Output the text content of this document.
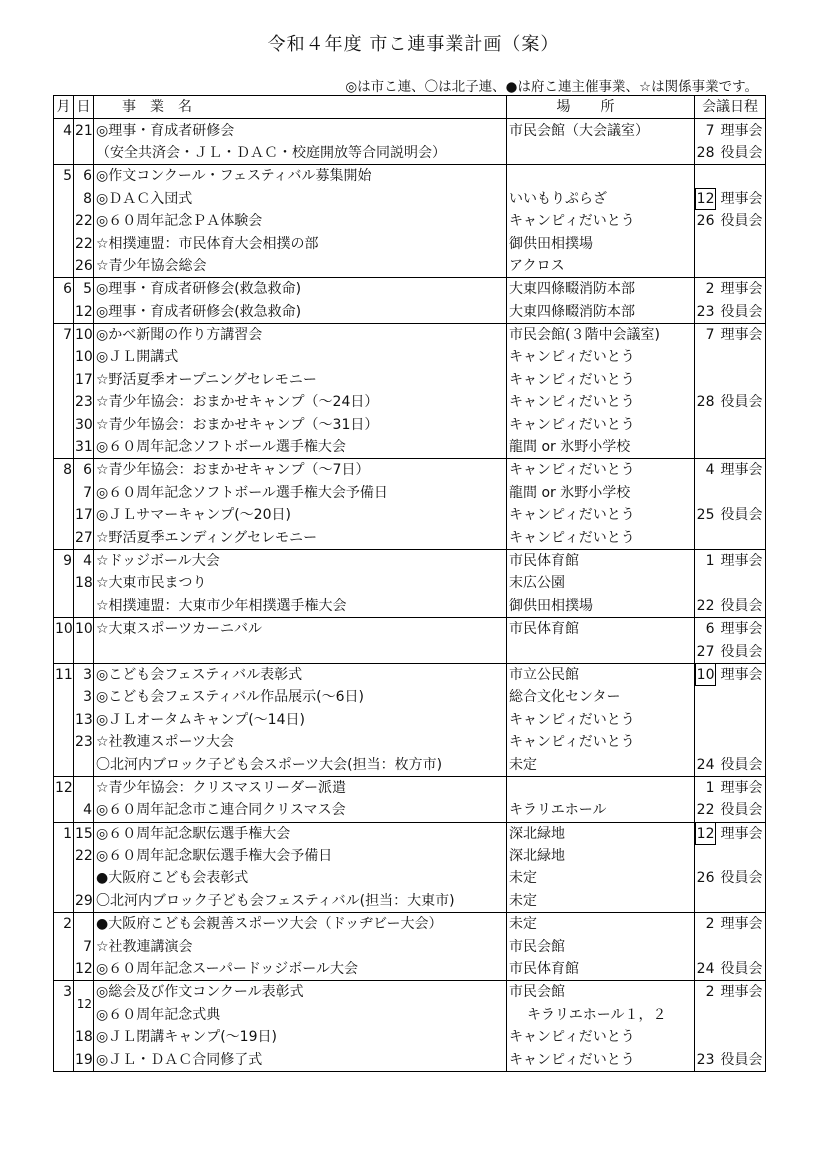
令和４年度 市こ連事業計画（案）
◎は市こ連、〇は北子連、●は府こ連主催事業、☆は関係事業です。
月	日	事業名	場所	会議日程	
4	21	◎理事・育成者研修会	市民会館（大会議室）	7	理事会
		（安全共済会・ＪＬ・ＤＡＣ・校庭開放等合同説明会）		28	役員会
5	6	◎作文コンクール・フェスティバル募集開始			
	8	◎ＤＡＣ入団式	いいもりぷらざ	12	理事会
	22	◎６０周年記念ＰＡ体験会	キャンピィだいとう	26	役員会
	22	☆相撲連盟：市民体育大会相撲の部	御供田相撲場		
	26	☆青少年協会総会	アクロス		
6	5	◎理事・育成者研修会(救急救命)	大東四條畷消防本部	2	理事会
	12	◎理事・育成者研修会(救急救命)	大東四條畷消防本部	23	役員会
7	10	◎かべ新聞の作り方講習会	市民会館(３階中会議室)	7	理事会
	10	◎ＪＬ開講式	キャンピィだいとう		
	17	☆野活夏季オープニングセレモニー	キャンピィだいとう		
	23	☆青少年協会：おまかせキャンプ（～24日）	キャンピィだいとう	28	役員会
	30	☆青少年協会：おまかせキャンプ（～31日）	キャンピィだいとう		
	31	◎６０周年記念ソフトボール選手権大会	龍間 or 氷野小学校		
8	6	☆青少年協会：おまかせキャンプ（～7日）	キャンピィだいとう	4	理事会
	7	◎６０周年記念ソフトボール選手権大会予備日	龍間 or 氷野小学校		
	17	◎ＪＬサマーキャンプ(～20日)	キャンピィだいとう	25	役員会
	27	☆野活夏季エンディングセレモニー	キャンピィだいとう		
9	4	☆ドッジボール大会	市民体育館	1	理事会
	18	☆大東市民まつり	末広公園		
		☆相撲連盟：大東市少年相撲選手権大会	御供田相撲場	22	役員会
10	10	☆大東スポーツカーニバル	市民体育館	6	理事会
				27	役員会
11	3	◎こども会フェスティバル表彰式	市立公民館	10	理事会
	3	◎こども会フェスティバル作品展示(～6日)	総合文化センター		
	13	◎ＪＬオータムキャンプ(～14日)	キャンピィだいとう		
	23	☆社教連スポーツ大会	キャンピィだいとう		
		〇北河内ブロック子ども会スポーツ大会(担当：枚方市)	未定	24	役員会
12		☆青少年協会：クリスマスリーダー派遣		1	理事会
	4	◎６０周年記念市こ連合同クリスマス会	キラリエホール	22	役員会
1	15	◎６０周年記念駅伝選手権大会	深北緑地	12	理事会
	22	◎６０周年記念駅伝選手権大会予備日	深北緑地		
		●大阪府こども会表彰式	未定	26	役員会
	29	〇北河内ブロック子ども会フェスティバル(担当：大東市)	未定		
2		●大阪府こども会親善スポーツ大会（ドッヂビー大会）	未定	2	理事会
	7	☆社教連講演会	市民会館		
	12	◎６０周年記念スーパードッジボール大会	市民体育館	24	役員会
3	12	◎総会及び作文コンクール表彰式	市民会館	2	理事会
		◎６０周年記念式典	キラリエホール１，２		
	18	◎ＪＬ閉講キャンプ(～19日)	キャンピィだいとう		
	19	◎ＪＬ・ＤＡＣ合同修了式	キャンピィだいとう	23	役員会
